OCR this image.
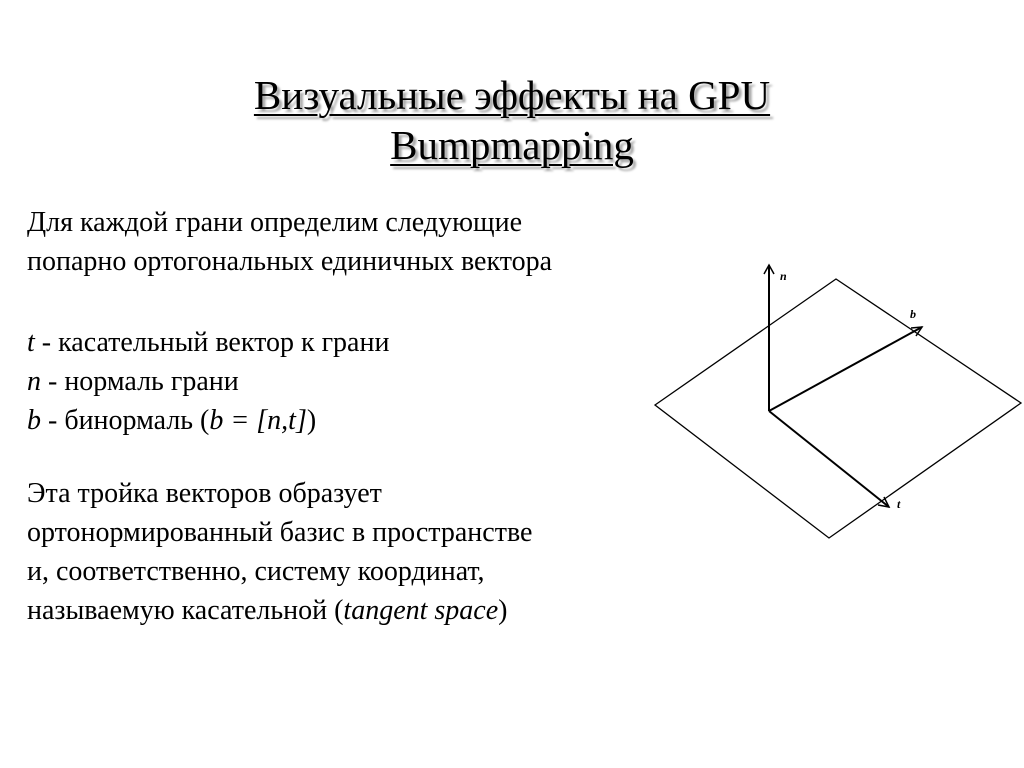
Визуальные эффекты на GPU
Bumpmapping
Для каждой грани определим следующие
попарно ортогональных единичных вектора
t - касательный вектор к грани
n - нормаль грани
b - бинормаль (b = [n,t])
Эта тройка векторов образует
ортонормированный базис в пространстве
и, соответственно, систему координат,
называемую касательной (tangent space)
n
b
t
